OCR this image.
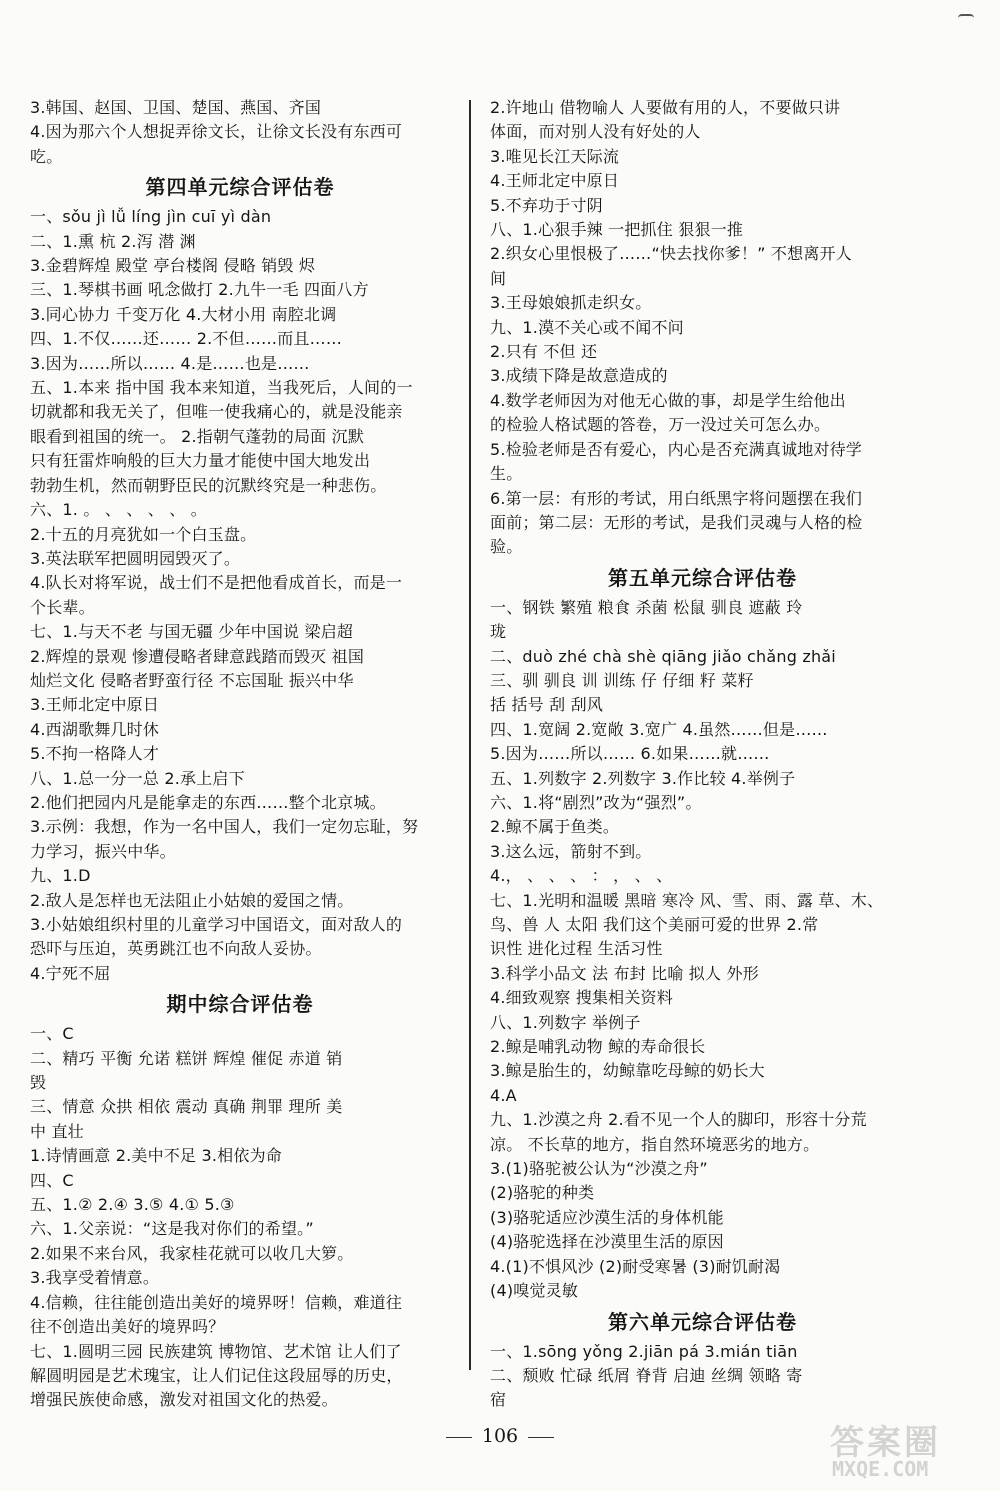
3.韩国、赵国、卫国、楚国、燕国、齐国
4.因为那六个人想捉弄徐文长，让徐文长没有东西可
吃。
第四单元综合评估卷
一、sǒu jì lǚ líng jìn cuī yì dàn
二、1.熏 杭 2.泻 潜 渊
3.金碧辉煌 殿堂 亭台楼阁 侵略 销毁 烬
三、1.琴棋书画 吼念做打 2.九牛一毛 四面八方
3.同心协力 千变万化 4.大材小用 南腔北调
四、1.不仅……还…… 2.不但……而且……
3.因为……所以…… 4.是……也是……
五、1.本来 指中国 我本来知道，当我死后，人间的一
切就都和我无关了，但唯一使我痛心的，就是没能亲
眼看到祖国的统一。 2.指朝气蓬勃的局面 沉默
只有狂雷炸响般的巨大力量才能使中国大地发出
勃勃生机，然而朝野臣民的沉默终究是一种悲伤。
六、1. 。 、 、 、 、 。
2.十五的月亮犹如一个白玉盘。
3.英法联军把圆明园毁灭了。
4.队长对将军说，战士们不是把他看成首长，而是一
个长辈。
七、1.与天不老 与国无疆 少年中国说 梁启超
2.辉煌的景观 惨遭侵略者肆意践踏而毁灭 祖国
灿烂文化 侵略者野蛮行径 不忘国耻 振兴中华
3.王师北定中原日
4.西湖歌舞几时休
5.不拘一格降人才
八、1.总一分一总 2.承上启下
2.他们把园内凡是能拿走的东西……整个北京城。
3.示例：我想，作为一名中国人，我们一定勿忘耻，努
力学习，振兴中华。
九、1.D
2.敌人是怎样也无法阻止小姑娘的爱国之情。
3.小姑娘组织村里的儿童学习中国语文，面对敌人的
恐吓与压迫，英勇跳江也不向敌人妥协。
4.宁死不屈
期中综合评估卷
一、C
二、精巧 平衡 允诺 糕饼 辉煌 催促 赤道 销
毁
三、情意 众拱 相依 震动 真确 荆罪 理所 美
中 直壮
1.诗情画意 2.美中不足 3.相依为命
四、C
五、1.② 2.④ 3.⑤ 4.① 5.③
六、1.父亲说：“这是我对你们的希望。”
2.如果不来台风，我家桂花就可以收几大箩。
3.我享受着情意。
4.信赖，往往能创造出美好的境界呀！信赖，难道往
往不创造出美好的境界吗？
七、1.圆明三园 民族建筑 博物馆、艺术馆 让人们了
解圆明园是艺术瑰宝，让人们记住这段屈辱的历史，
增强民族使命感，激发对祖国文化的热爱。
2.许地山 借物喻人 人要做有用的人，不要做只讲
体面，而对别人没有好处的人
3.唯见长江天际流
4.王师北定中原日
5.不弃功于寸阴
八、1.心狠手辣 一把抓住 狠狠一推
2.织女心里恨极了……“快去找你爹！” 不想离开人
间
3.王母娘娘抓走织女。
九、1.漠不关心或不闻不问
2.只有 不但 还
3.成绩下降是故意造成的
4.数学老师因为对他无心做的事，却是学生给他出
的检验人格试题的答卷，万一没过关可怎么办。
5.检验老师是否有爱心，内心是否充满真诚地对待学
生。
6.第一层：有形的考试，用白纸黑字将问题摆在我们
面前；第二层：无形的考试，是我们灵魂与人格的检
验。
第五单元综合评估卷
一、钢铁 繁殖 粮食 杀菌 松鼠 驯良 遮蔽 玲
珑
二、duò zhé chà shè qiāng jiǎo chǎng zhǎi
三、驯 驯良 训 训练 仔 仔细 籽 菜籽
括 括号 刮 刮风
四、1.宽阔 2.宽敞 3.宽广 4.虽然……但是……
5.因为……所以…… 6.如果……就……
五、1.列数字 2.列数字 3.作比较 4.举例子
六、1.将“剧烈”改为“强烈”。
2.鲸不属于鱼类。
3.这么远，箭射不到。
4.， 、 、 、 ： ， 、 、
七、1.光明和温暖 黑暗 寒冷 风、雪、雨、露 草、木、
鸟、兽 人 太阳 我们这个美丽可爱的世界 2.常
识性 进化过程 生活习性
3.科学小品文 法 布封 比喻 拟人 外形
4.细致观察 搜集相关资料
八、1.列数字 举例子
2.鲸是哺乳动物 鲸的寿命很长
3.鲸是胎生的，幼鲸靠吃母鲸的奶长大
4.A
九、1.沙漠之舟 2.看不见一个人的脚印，形容十分荒
凉。 不长草的地方，指自然环境恶劣的地方。
3.(1)骆驼被公认为“沙漠之舟”
(2)骆驼的种类
(3)骆驼适应沙漠生活的身体机能
(4)骆驼选择在沙漠里生活的原因
4.(1)不惧风沙 (2)耐受寒暑 (3)耐饥耐渴
(4)嗅觉灵敏
第六单元综合评估卷
一、1.sōng yǒng 2.jiān pá 3.mián tiān
二、颓败 忙碌 纸屑 脊背 启迪 丝绸 领略 寄
宿
106	答案圈
MXQE.COM
